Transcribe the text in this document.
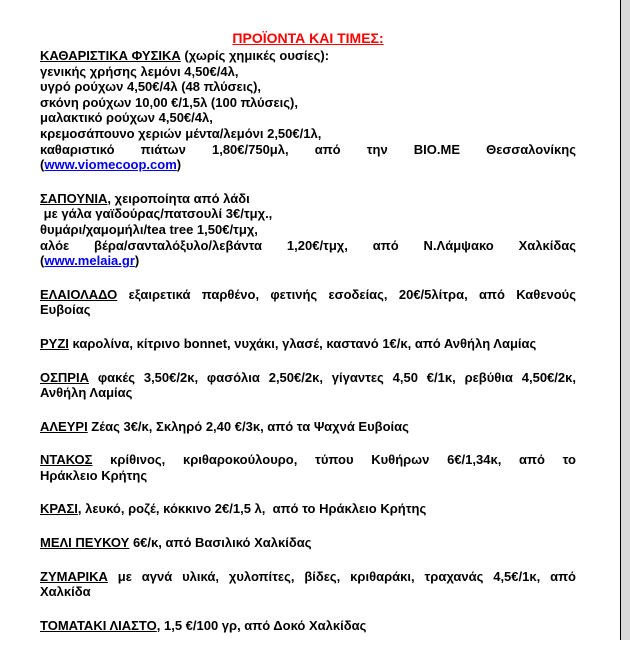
ΠΡΟΪΟΝΤΑ ΚΑΙ ΤΙΜΕΣ:
ΚΑΘΑΡΙΣΤΙΚΑ ΦΥΣΙΚΑ (χωρίς χημικές ουσίες):
γενικής χρήσης λεμόνι 4,50€/4λ,
υγρό ρούχων 4,50€/4λ (48 πλύσεις),
σκόνη ρούχων 10,00 €/1,5λ (100 πλύσεις),
μαλακτικό ρούχων 4,50€/4λ,
κρεμοσάπουνο χεριών μέντα/λεμόνι 2,50€/1λ,
καθαριστικό πιάτων 1,80€/750μλ, από την ΒΙΟ.ΜΕ Θεσσαλονίκης
(www.viomecoop.com)
ΣΑΠΟΥΝΙΑ, χειροποίητα από λάδι
με γάλα γαϊδούρας/πατσουλί 3€/τμχ.,
θυμάρι/χαμομήλι/tea tree 1,50€/τμχ,
αλόε βέρα/σανταλόξυλο/λεβάντα 1,20€/τμχ, από Ν.Λάμψακο Χαλκίδας
(www.melaia.gr)
ΕΛΑΙΟΛΑΔΟ εξαιρετικά παρθένο, φετινής εσοδείας, 20€/5λίτρα, από Καθενούς
Ευβοίας
ΡΥΖΙ καρολίνα, κίτρινο bonnet, νυχάκι, γλασέ, καστανό 1€/κ, από Ανθήλη Λαμίας
ΟΣΠΡΙΑ φακές 3,50€/2κ, φασόλια 2,50€/2κ, γίγαντες 4,50 €/1κ, ρεβύθια 4,50€/2κ,
Ανθήλη Λαμίας
ΑΛΕΥΡΙ Ζέας 3€/κ, Σκληρό 2,40 €/3κ, από τα Ψαχνά Ευβοίας
ΝΤΑΚΟΣ κρίθινος, κριθαροκούλουρο, τύπου Κυθήρων 6€/1,34κ, από το
Ηράκλειο Κρήτης
ΚΡΑΣΙ, λευκό, ροζέ, κόκκινο 2€/1,5 λ,  από το Ηράκλειο Κρήτης
ΜΕΛΙ ΠΕΥΚΟΥ 6€/κ, από Βασιλικό Χαλκίδας
ΖΥΜΑΡΙΚΑ με αγνά υλικά, χυλοπίτες, βίδες, κριθαράκι, τραχανάς 4,5€/1κ, από
Χαλκίδα
ΤΟΜΑΤΑΚΙ ΛΙΑΣΤΟ, 1,5 €/100 γρ, από Δοκό Χαλκίδας
